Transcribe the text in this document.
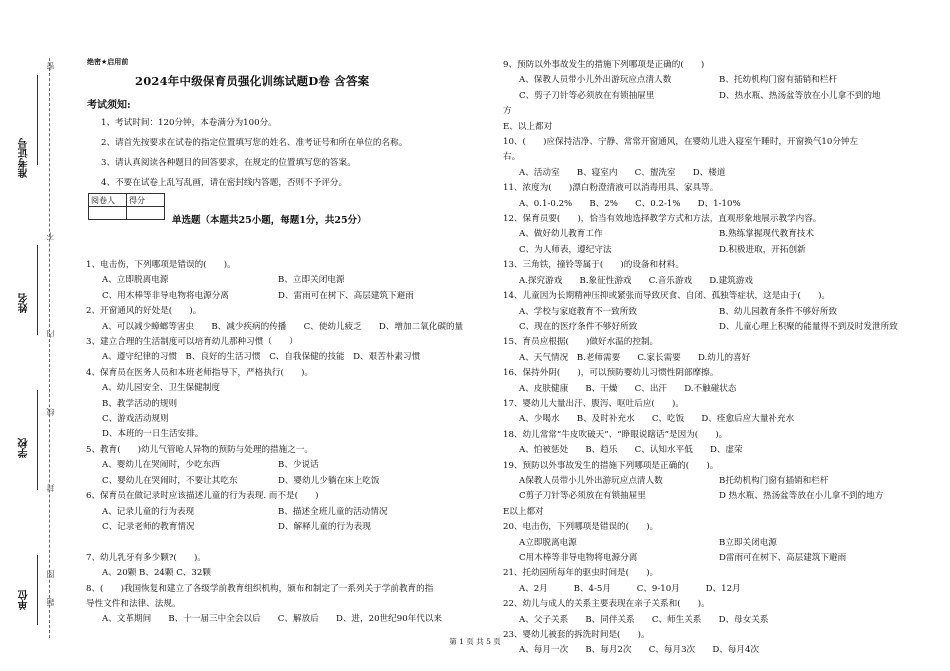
准考证号
姓名
学校
单位
密
不
内
线
封
图
题
绝密★启用前
2024年中级保育员强化训练试题D卷 含答案
考试须知:
1、考试时间：120分钟，本卷满分为100分。
2、请首先按要求在试卷的指定位置填写您的姓名、准考证号和所在单位的名称。
3、请认真阅读各种题目的回答要求，在规定的位置填写您的答案。
4、不要在试卷上乱写乱画，请在密封线内答题，否则不予评分。
阅卷人	得分

单选题（本题共25小题，每题1分，共25分）
1、电击伤，下列哪项是错误的(　　)。
A、立即脱离电源	B、立即关闭电源
C、用木棒等非导电物将电源分离	D、雷雨可在树下、高层建筑下避雨
2、开窗通风的好处是(　　)。
A、可以减少蟑螂等害虫　　B、减少疾病的传播　　C、使幼儿疲乏　　D、增加二氧化碳的量
3、建立合理的生活制度可以培育幼儿那种习惯（　　）
A、遵守纪律的习惯　B、良好的生活习惯　C、自我保健的技能　D、艰苦朴素习惯
4、保育员在医务人员和本班老师指导下，严格执行(　　)。
A、幼儿园安全、卫生保健制度
B、教学活动的规则
C、游戏活动规则
D、本班的一日生活安排。
5、教育(　　)幼儿气管呛人异物的预防与处理的措施之一。
A、婴幼儿在哭闹时，少吃东西	B、少说话
C、婴幼儿在哭闹时，不要让其吃东	D、婴幼儿少躺在床上吃饭
6、保育员在做记录时应该描述儿童的行为表现. 而不是(　　)
A、记录儿童的行为表现	B、描述全班儿童的活动情况
C、记录老师的教育情况	D、解释儿童的行为表现

7、幼儿乳牙有多少颗?(　　)。
A、20颗 B、24颗 C、32颗
8、(　　)我国恢复和建立了各级学前教育组织机构，颁布和制定了一系列关于学前教育的指
导性文件和法律、法规。
A、文革期间　　B、十一届三中全会以后　　C、解放后　　D、进，20世纪90年代以来
9、预防以外事故发生的措施下列哪项是正确的(　　)
A、保教人员带小儿外出游玩应点清人数	B、托幼机构门窗有插销和栏杆
C、剪子刀针等必须放在有锁抽屉里	D、热水瓶、热汤盆等放在小儿拿不到的地
方
E、以上都对
10、(　　)应保持洁净、宁静、常常开窗通风，在婴幼儿进入寝室午睡时，开窗换气10分钟左
右。
A、活动室　　B、寝室内　　C、盥洗室　　D、楼道
11、浓度为(　　)漂白粉澄清液可以消毒用具、家具等。
A、0.1-0.2%　　B、2%　　C、0.2-1%　　D、1-10%
12、保育员要(　　)，恰当有效地选择教学方式和方法，直观形象地展示教学内容。
A、做好幼儿教育工作	B.熟练掌握现代教育技术
C、为人师表，遵纪守法	D.积极进取，开拓创新
13、三角铁，撞铃等属于(　　)的设备和材料。
A.探究游戏　　B.象征性游戏　　C.音乐游戏　　D.建筑游戏
14、儿童因为长期精神压抑或紧张而导致厌食、自闭、孤独等症状，这是由于(　　)。
A、学校与家庭教育不一致所致	B、幼儿园教育条件不够好所致
C、现在的医疗条件不够好所致	D、儿童心理上积聚的能量得不到及时发泄所致
15、育员应根据(　　)做好水温的控制。
A、天气情况　B.老师需要　　C.家长需要　　D.幼儿的喜好
16、保持外阴(　　)，可以预防婴幼儿习惯性阴部摩擦。
A、皮肤健康　　B、干燥　　C、出汗　　D.不触碰状态
17、婴幼儿大量出汗、腹泻、呕吐后应(　　)。
A、少喝水　　B、及时补充水　　C、吃饭　　D、痊愈后应大量补充水
18、幼儿常常“牛皮吹破天”、“睁眼说瞎话”是因为(　　)。
A、怕被惩处　　B、趋乐　　C、认知水平低　　D、虚荣
19、预防以外事故发生的措施下列哪项是正确的(　　)。
A保教人员带小儿外出游玩应点清人数	B托幼机构门窗有插销和栏杆
C剪子刀针等必须放在有锁抽屉里	D 热水瓶、热汤盆等放在小儿拿不到的地方
E以上都对
20、电击伤，下列哪项是错误的(　　)。
A立即脱离电源	B立即关闭电源
C用木棒等非导电物将电源分离	D雷雨可在树下、高层建筑下避雨
21、托幼园所每年的驱虫时间是(　　)。
A、2月　　　B、4-5月　　　C、9-10月　　　D、12月
22、幼儿与成人的关系主要表现在亲子关系和(　　)。
A、父子关系　　B、同伴关系　　C、师生关系　　D、母女关系
23、婴幼儿被套的拆洗时间是(　　)。
A、每月一次　　B、每月2次　　C、每月3次　　D、每月4次
第 1 页 共 5 页
